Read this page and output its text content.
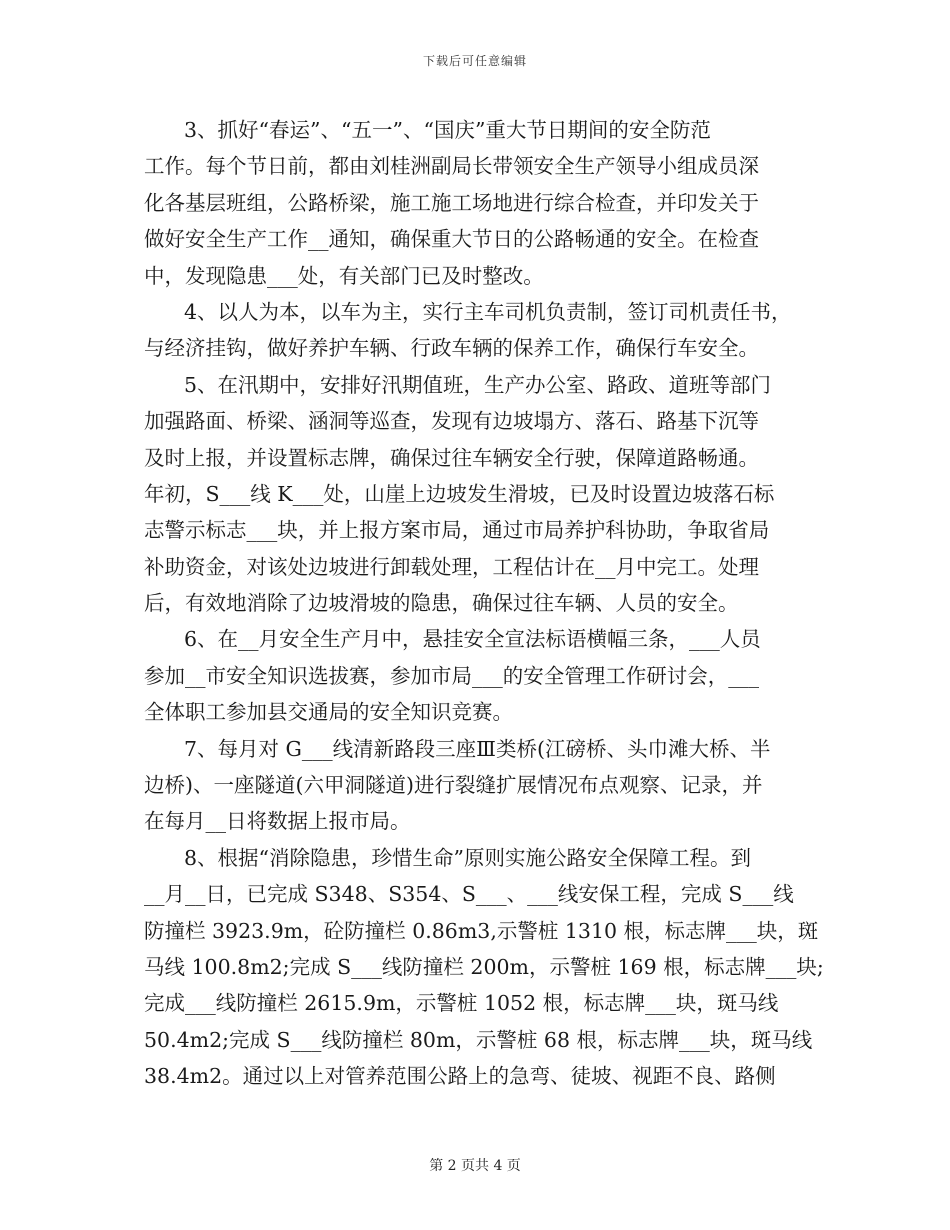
下载后可任意编辑
3、抓好“春运”、“五一”、“国庆”重大节日期间的安全防范
工作。每个节日前，都由刘桂洲副局长带领安全生产领导小组成员深
化各基层班组，公路桥梁，施工施工场地进行综合检查，并印发关于
做好安全生产工作__通知，确保重大节日的公路畅通的安全。在检查
中，发现隐患___处，有关部门已及时整改。
4、以人为本，以车为主，实行主车司机负责制，签订司机责任书，
与经济挂钩，做好养护车辆、行政车辆的保养工作，确保行车安全。
5、在汛期中，安排好汛期值班，生产办公室、路政、道班等部门
加强路面、桥梁、涵洞等巡查，发现有边坡塌方、落石、路基下沉等
及时上报，并设置标志牌，确保过往车辆安全行驶，保障道路畅通。
年初，S___线 K___处，山崖上边坡发生滑坡，已及时设置边坡落石标
志警示标志___块，并上报方案市局，通过市局养护科协助，争取省局
补助资金，对该处边坡进行卸载处理，工程估计在__月中完工。处理
后，有效地消除了边坡滑坡的隐患，确保过往车辆、人员的安全。
6、在__月安全生产月中，悬挂安全宣法标语横幅三条，___人员
参加__市安全知识选拔赛，参加市局___的安全管理工作研讨会，___
全体职工参加县交通局的安全知识竞赛。
7、每月对 G___线清新路段三座Ⅲ类桥(江磅桥、头巾滩大桥、半
边桥)、一座隧道(六甲洞隧道)进行裂缝扩展情况布点观察、记录，并
在每月__日将数据上报市局。
8、根据“消除隐患，珍惜生命”原则实施公路安全保障工程。到
__月__日，已完成 S348、S354、S___、___线安保工程，完成 S___线
防撞栏 3923.9m，砼防撞栏 0.86m3,示警桩 1310 根，标志牌___块，斑
马线 100.8m2;完成 S___线防撞栏 200m，示警桩 169 根，标志牌___块;
完成___线防撞栏 2615.9m，示警桩 1052 根，标志牌___块，斑马线
50.4m2;完成 S___线防撞栏 80m，示警桩 68 根，标志牌___块，斑马线
38.4m2。通过以上对管养范围公路上的急弯、徒坡、视距不良、路侧
第 2 页共 4 页
